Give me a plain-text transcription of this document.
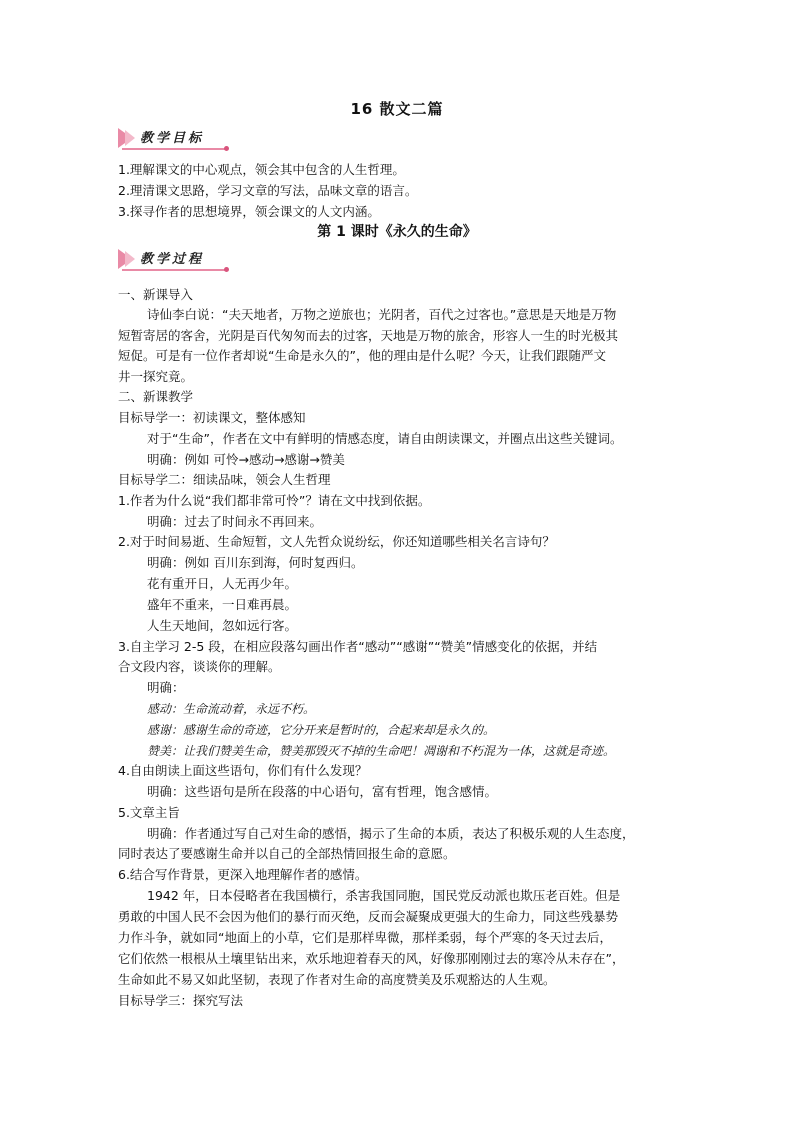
16 散文二篇
教学目标
1.理解课文的中心观点，领会其中包含的人生哲理。
2.理清课文思路，学习文章的写法，品味文章的语言。
3.探寻作者的思想境界，领会课文的人文内涵。
第 1 课时《永久的生命》
教学过程
一、新课导入
诗仙李白说：“夫天地者，万物之逆旅也；光阴者，百代之过客也。”意思是天地是万物
短暂寄居的客舍，光阴是百代匆匆而去的过客，天地是万物的旅舍，形容人一生的时光极其
短促。可是有一位作者却说“生命是永久的”，他的理由是什么呢？今天，让我们跟随严文
井一探究竟。
二、新课教学
目标导学一：初读课文，整体感知
对于“生命”，作者在文中有鲜明的情感态度，请自由朗读课文，并圈点出这些关键词。
明确：例如 可怜→感动→感谢→赞美
目标导学二：细读品味，领会人生哲理
1.作者为什么说“我们都非常可怜”？请在文中找到依据。
明确：过去了时间永不再回来。
2.对于时间易逝、生命短暂，文人先哲众说纷纭，你还知道哪些相关名言诗句？
明确：例如 百川东到海，何时复西归。
花有重开日，人无再少年。
盛年不重来，一日难再晨。
人生天地间，忽如远行客。
3.自主学习 2-5 段，在相应段落勾画出作者“感动”“感谢”“赞美”情感变化的依据，并结
合文段内容，谈谈你的理解。
明确：
感动：生命流动着，永远不朽。
感谢：感谢生命的奇迹，它分开来是暂时的，合起来却是永久的。
赞美：让我们赞美生命，赞美那毁灭不掉的生命吧！凋谢和不朽混为一体，这就是奇迹。
4.自由朗读上面这些语句，你们有什么发现？
明确：这些语句是所在段落的中心语句，富有哲理，饱含感情。
5.文章主旨
明确：作者通过写自己对生命的感悟，揭示了生命的本质，表达了积极乐观的人生态度，
同时表达了要感谢生命并以自己的全部热情回报生命的意愿。
6.结合写作背景，更深入地理解作者的感情。
1942 年，日本侵略者在我国横行，杀害我国同胞，国民党反动派也欺压老百姓。但是
勇敢的中国人民不会因为他们的暴行而灭绝，反而会凝聚成更强大的生命力，同这些残暴势
力作斗争，就如同“地面上的小草，它们是那样卑微，那样柔弱，每个严寒的冬天过去后，
它们依然一根根从土壤里钻出来，欢乐地迎着春天的风，好像那刚刚过去的寒冷从未存在”，
生命如此不易又如此坚韧，表现了作者对生命的高度赞美及乐观豁达的人生观。
目标导学三：探究写法
